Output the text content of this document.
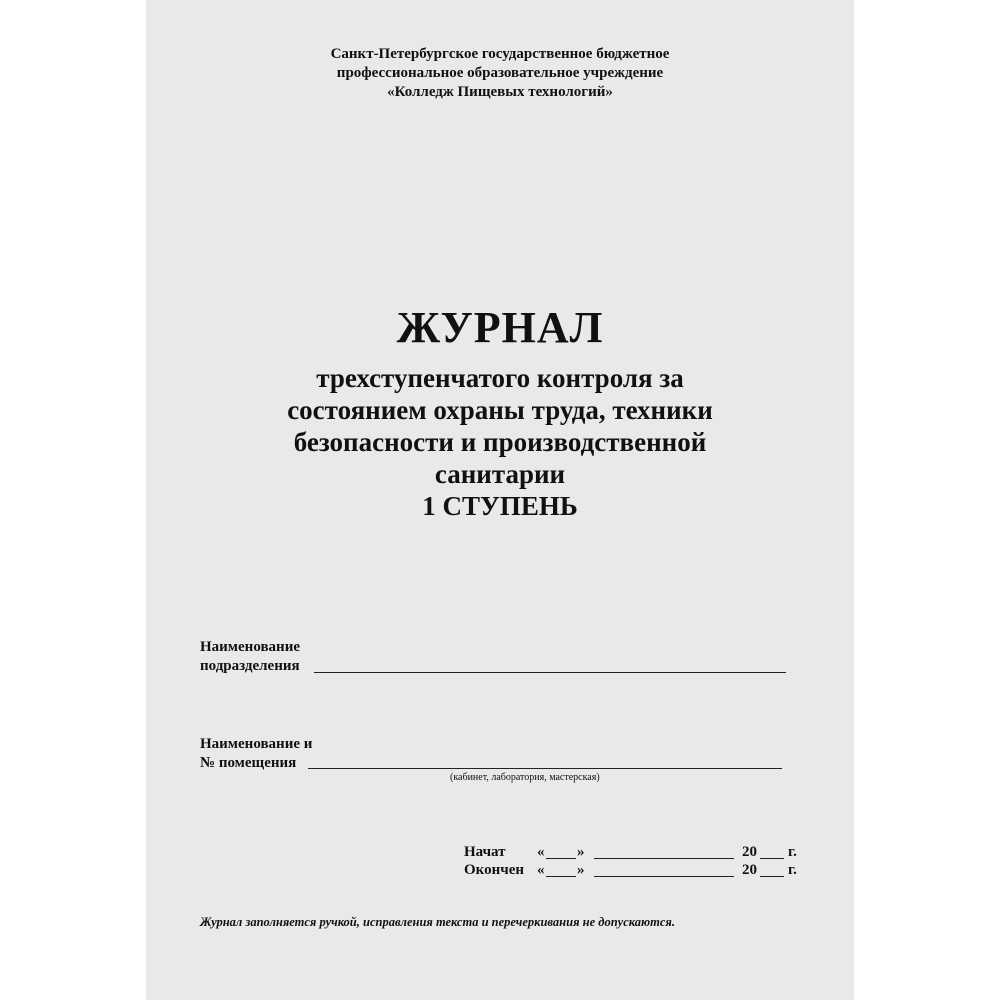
Санкт-Петербургское государственное бюджетное
профессиональное образовательное учреждение
«Колледж Пищевых технологий»
ЖУРНАЛ
трехступенчатого контроля за
состоянием охраны труда, техники
безопасности и производственной
санитарии
1 СТУПЕНЬ
Наименование
подразделения
Наименование и
№ помещения
(кабинет, лаборатория, мастерская)
Начат « »	20 г.
Окончен « »	20 г.
Журнал заполняется ручкой, исправления текста и перечеркивания не допускаются.
